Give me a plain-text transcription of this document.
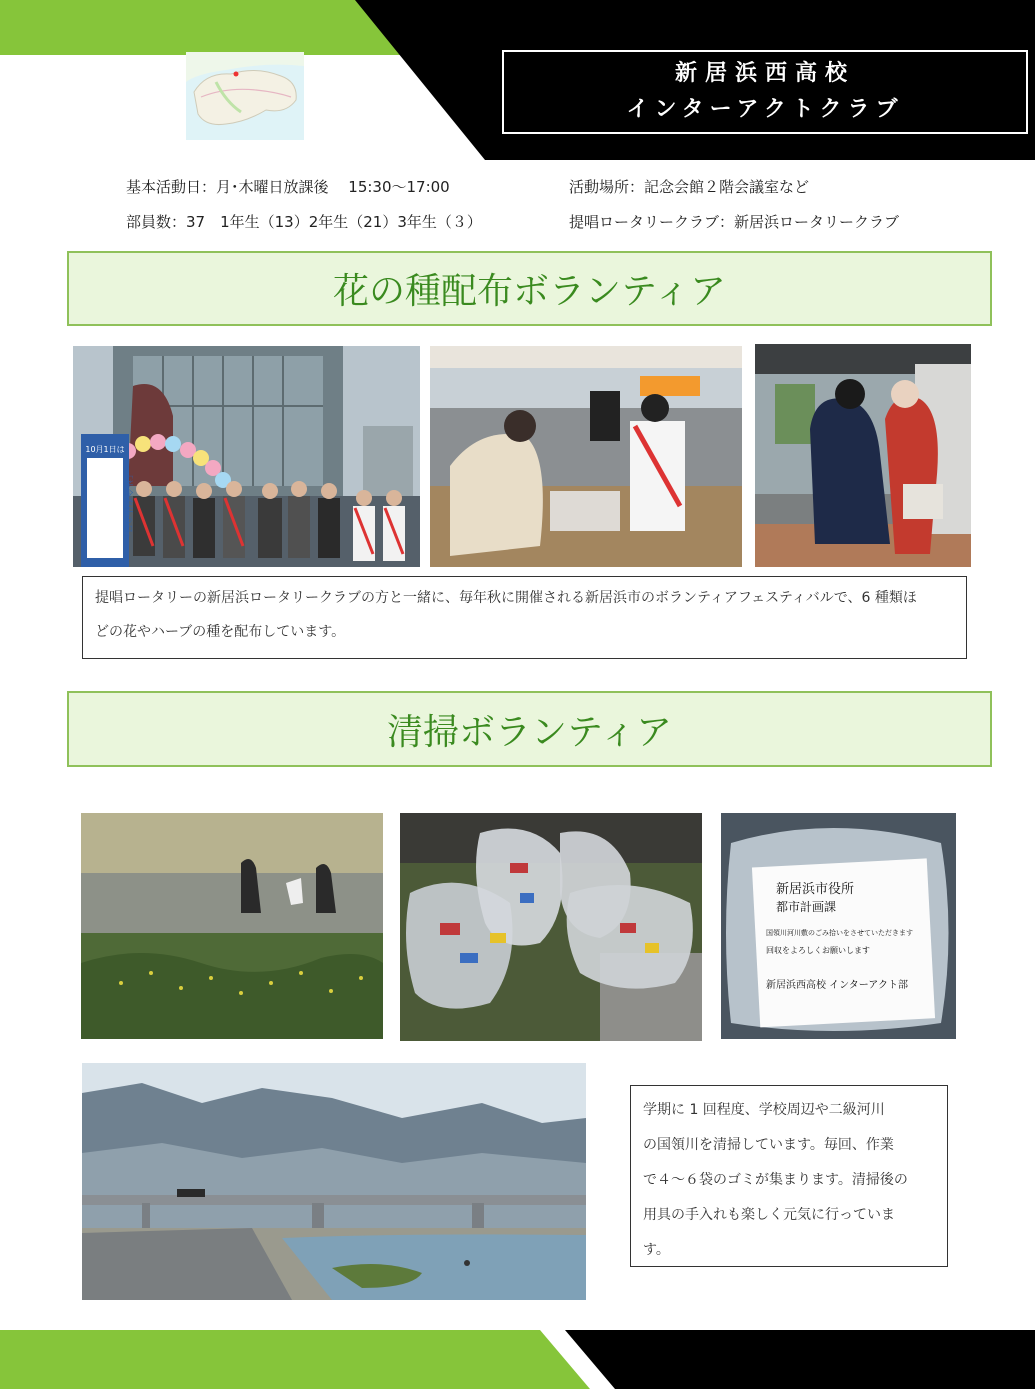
新居浜西高校
インターアクトクラブ
基本活動日：月･木曜日放課後　 15:30～17:00	活動場所：記念会館２階会議室など
部員数：37　1年生（13）2年生（21）3年生（３）	提唱ロータリークラブ：新居浜ロータリークラブ
花の種配布ボランティア
10月1日は
「社会奉仕の日」
提唱ロータリーの新居浜ロータリークラブの方と一緒に、毎年秋に開催される新居浜市のボランティアフェスティバルで、6 種類ほ
どの花やハーブの種を配布しています。
清掃ボランティア
新居浜市役所
都市計画課
国領川河川敷のごみ拾いをさせていただきます
回収をよろしくお願いします
新居浜西高校 インターアクト部
学期に 1 回程度、学校周辺や二級河川
の国領川を清掃しています。毎回、作業
で４～６袋のゴミが集まります。清掃後の
用具の手入れも楽しく元気に行っていま
す。
